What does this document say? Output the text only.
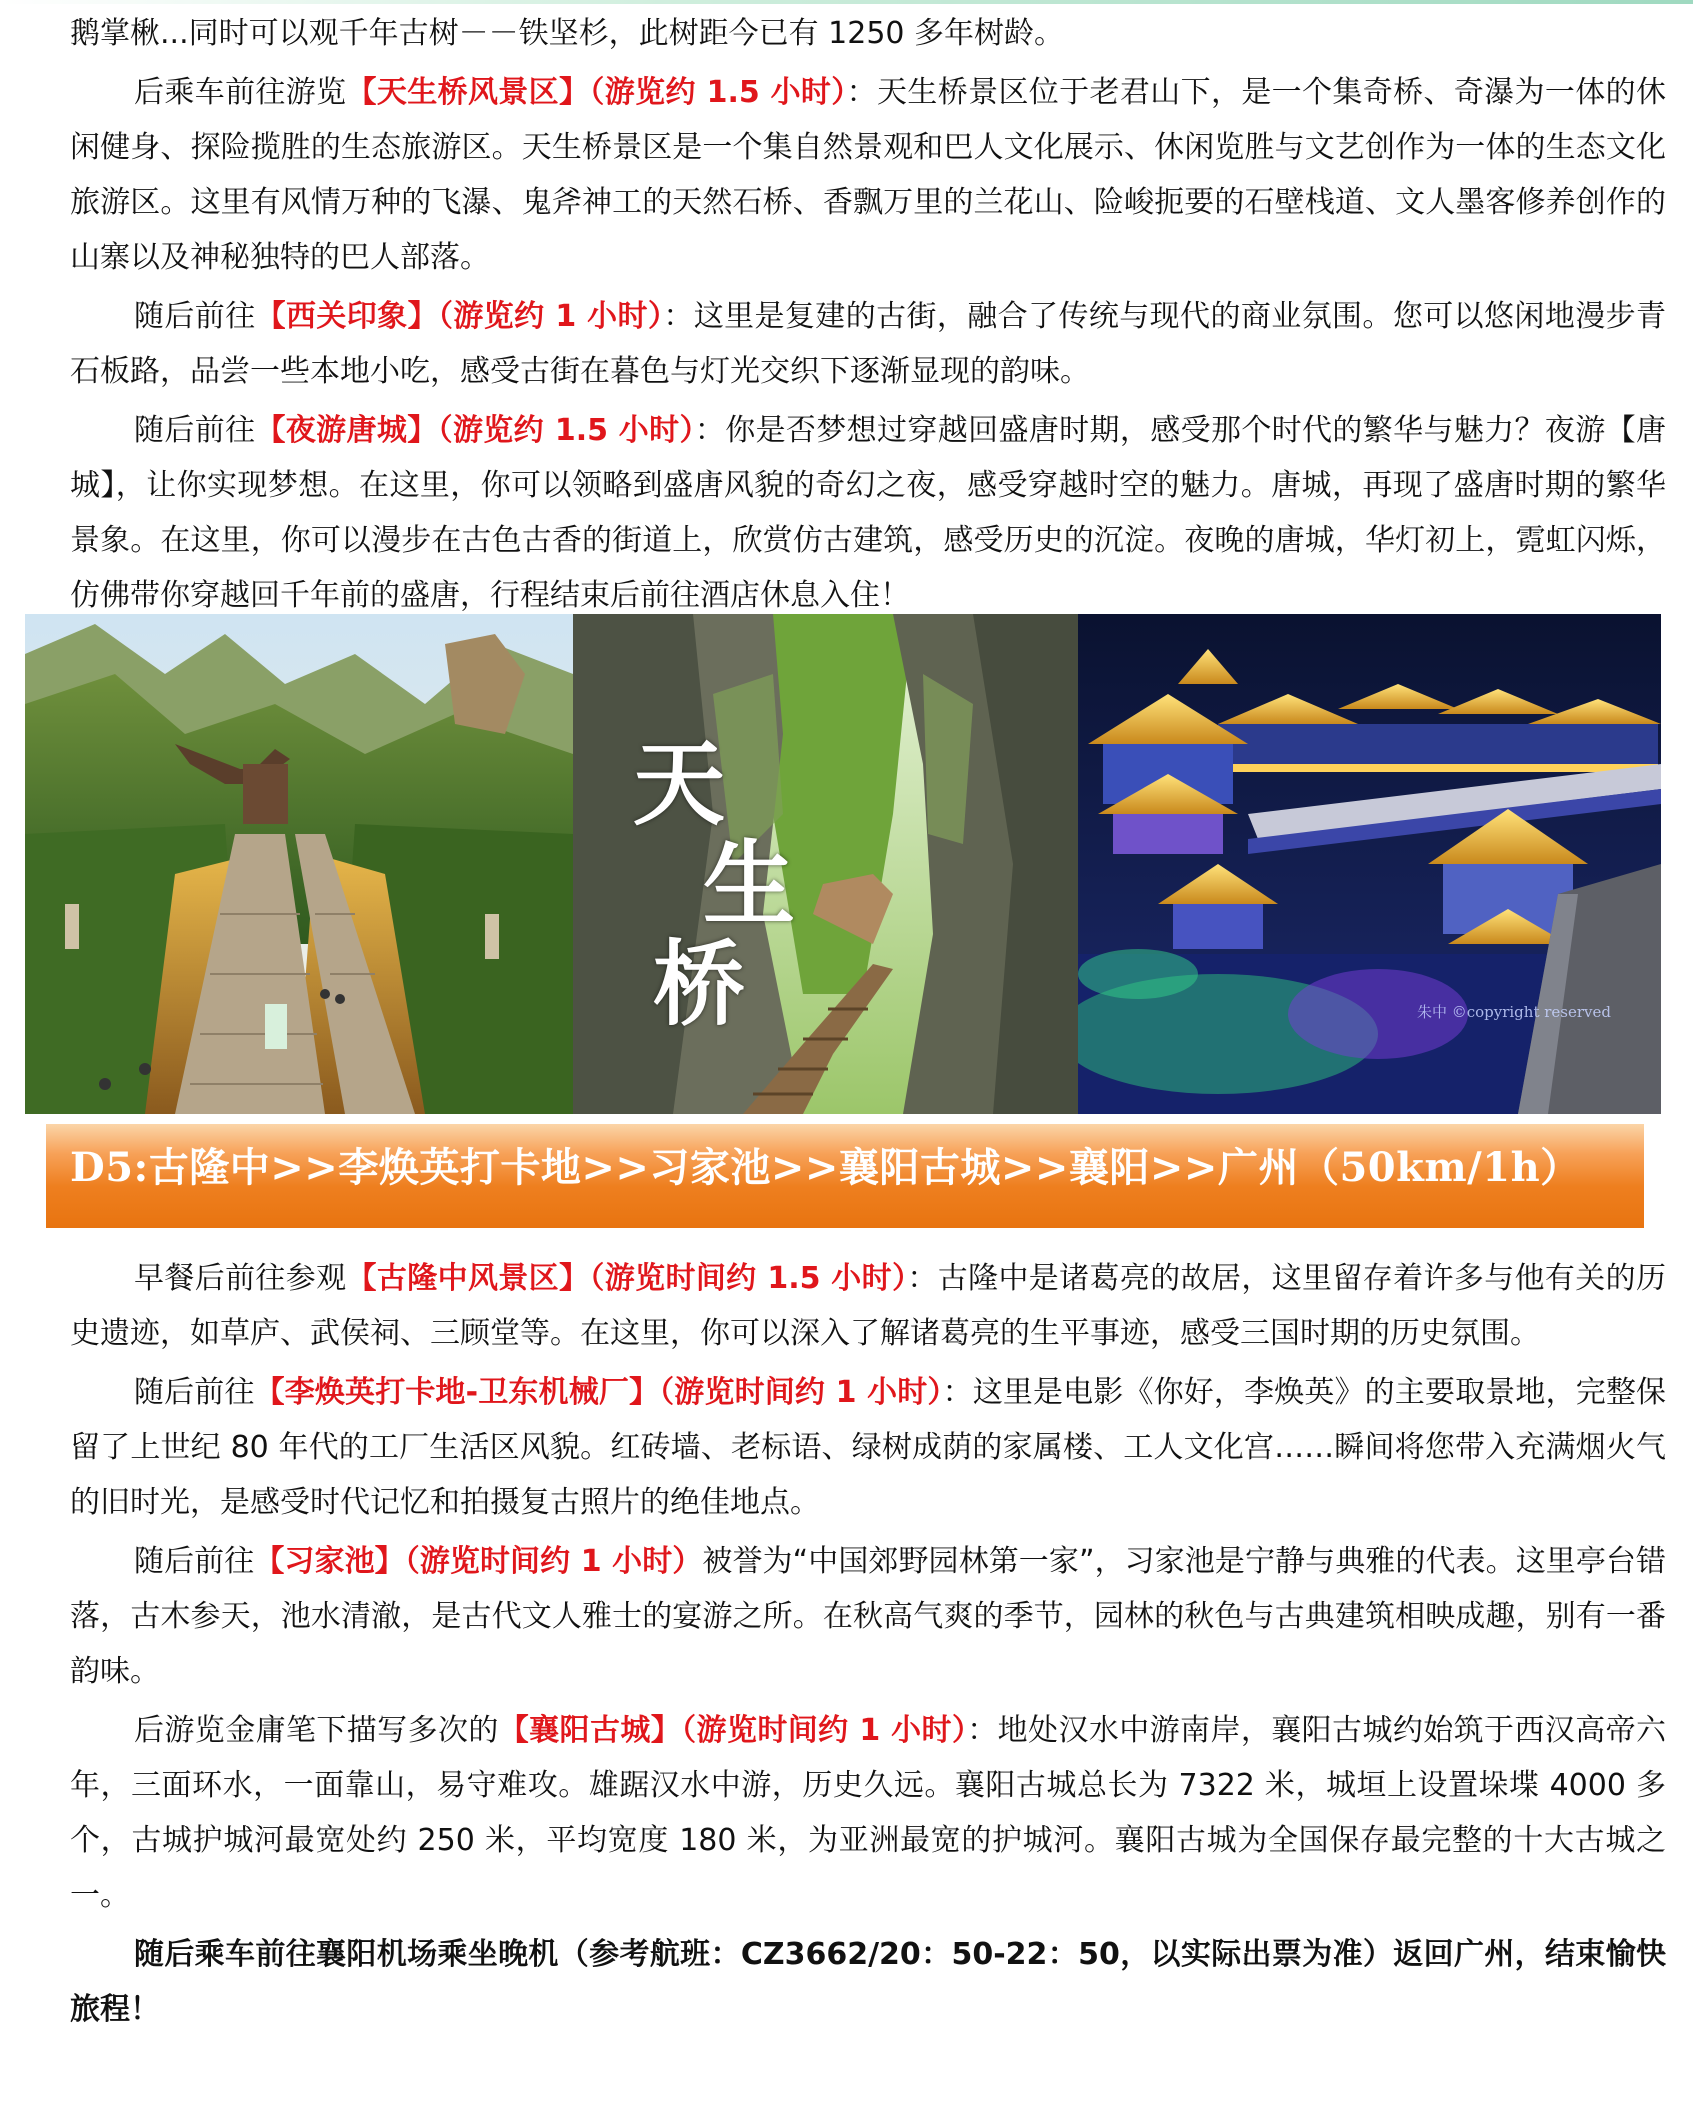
鹅掌楸...同时可以观千年古树－－铁坚杉，此树距今已有 1250 多年树龄。

后乘车前往游览【天生桥风景区】（游览约 1.5 小时）：天生桥景区位于老君山下，是一个集奇桥、奇瀑为一体的休闲健身、探险揽胜的生态旅游区。天生桥景区是一个集自然景观和巴人文化展示、休闲览胜与文艺创作为一体的生态文化旅游区。这里有风情万种的飞瀑、鬼斧神工的天然石桥、香飘万里的兰花山、险峻扼要的石壁栈道、文人墨客修养创作的山寨以及神秘独特的巴人部落。

随后前往【西关印象】（游览约 1 小时）：这里是复建的古街，融合了传统与现代的商业氛围。您可以悠闲地漫步青石板路，品尝一些本地小吃，感受古街在暮色与灯光交织下逐渐显现的韵味。

随后前往【夜游唐城】（游览约 1.5 小时）：你是否梦想过穿越回盛唐时期，感受那个时代的繁华与魅力？夜游【唐城】，让你实现梦想。在这里，你可以领略到盛唐风貌的奇幻之夜，感受穿越时空的魅力。唐城，再现了盛唐时期的繁华景象。在这里，你可以漫步在古色古香的街道上，欣赏仿古建筑，感受历史的沉淀。夜晚的唐城，华灯初上，霓虹闪烁，仿佛带你穿越回千年前的盛唐，行程结束后前往酒店休息入住！

天
生
桥	朱中 ©copyright reserved
D5:古隆中>>李焕英打卡地>>习家池>>襄阳古城>>襄阳>>广州（50km/1h）

早餐后前往参观【古隆中风景区】（游览时间约 1.5 小时）：古隆中是诸葛亮的故居，这里留存着许多与他有关的历史遗迹，如草庐、武侯祠、三顾堂等。在这里，你可以深入了解诸葛亮的生平事迹，感受三国时期的历史氛围。

随后前往【李焕英打卡地-卫东机械厂】（游览时间约 1 小时）：这里是电影《你好，李焕英》的主要取景地，完整保留了上世纪 80 年代的工厂生活区风貌。红砖墙、老标语、绿树成荫的家属楼、工人文化宫……瞬间将您带入充满烟火气的旧时光，是感受时代记忆和拍摄复古照片的绝佳地点。

随后前往【习家池】（游览时间约 1 小时）被誉为“中国郊野园林第一家”，习家池是宁静与典雅的代表。这里亭台错落，古木参天，池水清澈，是古代文人雅士的宴游之所。在秋高气爽的季节，园林的秋色与古典建筑相映成趣，别有一番韵味。

后游览金庸笔下描写多次的【襄阳古城】（游览时间约 1 小时）：地处汉水中游南岸，襄阳古城约始筑于西汉高帝六年，三面环水，一面靠山，易守难攻。雄踞汉水中游，历史久远。襄阳古城总长为 7322 米，城垣上设置垛堞 4000 多个，古城护城河最宽处约 250 米，平均宽度 180 米，为亚洲最宽的护城河。襄阳古城为全国保存最完整的十大古城之一。

随后乘车前往襄阳机场乘坐晚机（参考航班：CZ3662/20：50-22：50，以实际出票为准）返回广州，结束愉快旅程！
